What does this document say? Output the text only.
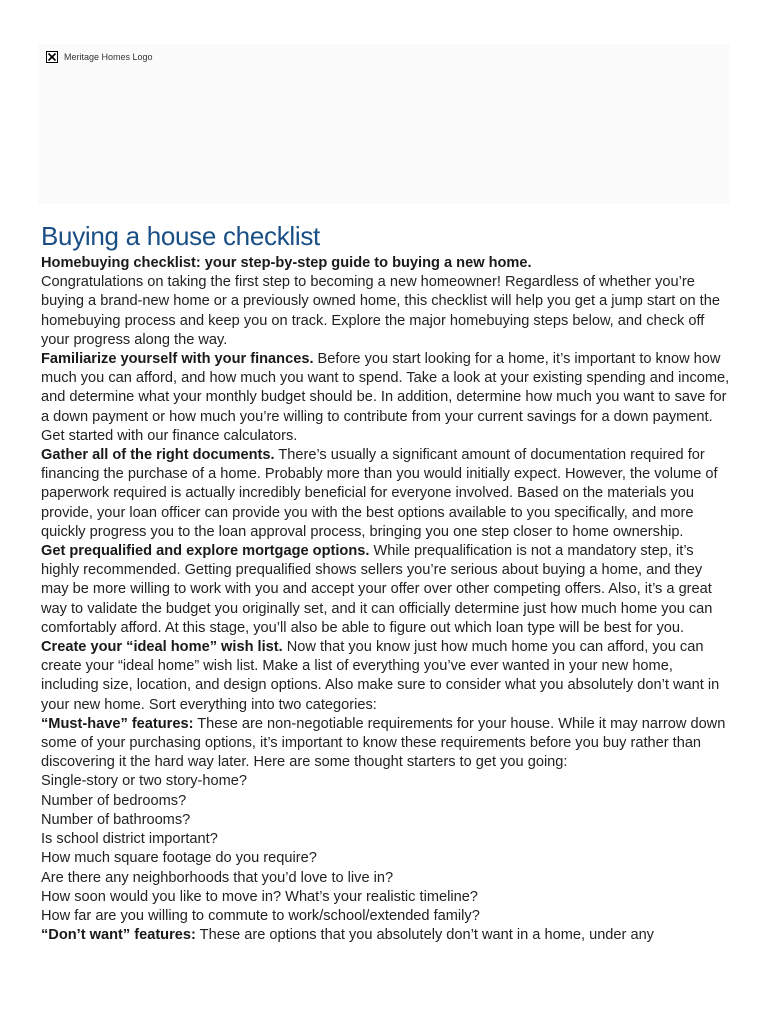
Meritage Homes Logo
Buying a house checklist

Homebuying checklist: your step-by-step guide to buying a new home.

Congratulations on taking the first step to becoming a new homeowner! Regardless of whether you’re buying a brand-new home or a previously owned home, this checklist will help you get a jump start on the homebuying process and keep you on track. Explore the major homebuying steps below, and check off your progress along the way.

Familiarize yourself with your finances. Before you start looking for a home, it’s important to know how much you can afford, and how much you want to spend. Take a look at your existing spending and income, and determine what your monthly budget should be. In addition, determine how much you want to save for a down payment or how much you’re willing to contribute from your current savings for a down payment. Get started with our finance calculators.

Gather all of the right documents. There’s usually a significant amount of documentation required for financing the purchase of a home. Probably more than you would initially expect. However, the volume of paperwork required is actually incredibly beneficial for everyone involved. Based on the materials you provide, your loan officer can provide you with the best options available to you specifically, and more quickly progress you to the loan approval process, bringing you one step closer to home ownership.

Get prequalified and explore mortgage options. While prequalification is not a mandatory step, it’s highly recommended. Getting prequalified shows sellers you’re serious about buying a home, and they may be more willing to work with you and accept your offer over other competing offers. Also, it’s a great way to validate the budget you originally set, and it can officially determine just how much home you can comfortably afford. At this stage, you’ll also be able to figure out which loan type will be best for you.

Create your “ideal home” wish list. Now that you know just how much home you can afford, you can create your “ideal home” wish list. Make a list of everything you’ve ever wanted in your new home, including size, location, and design options. Also make sure to consider what you absolutely don’t want in your new home. Sort everything into two categories:

“Must-have” features: These are non-negotiable requirements for your house. While it may narrow down some of your purchasing options, it’s important to know these requirements before you buy rather than discovering it the hard way later. Here are some thought starters to get you going:

Single-story or two story-home?

Number of bedrooms?

Number of bathrooms?

Is school district important?

How much square footage do you require?

Are there any neighborhoods that you’d love to live in?

How soon would you like to move in? What’s your realistic timeline?

How far are you willing to commute to work/school/extended family?

“Don’t want” features: These are options that you absolutely don’t want in a home, under any
